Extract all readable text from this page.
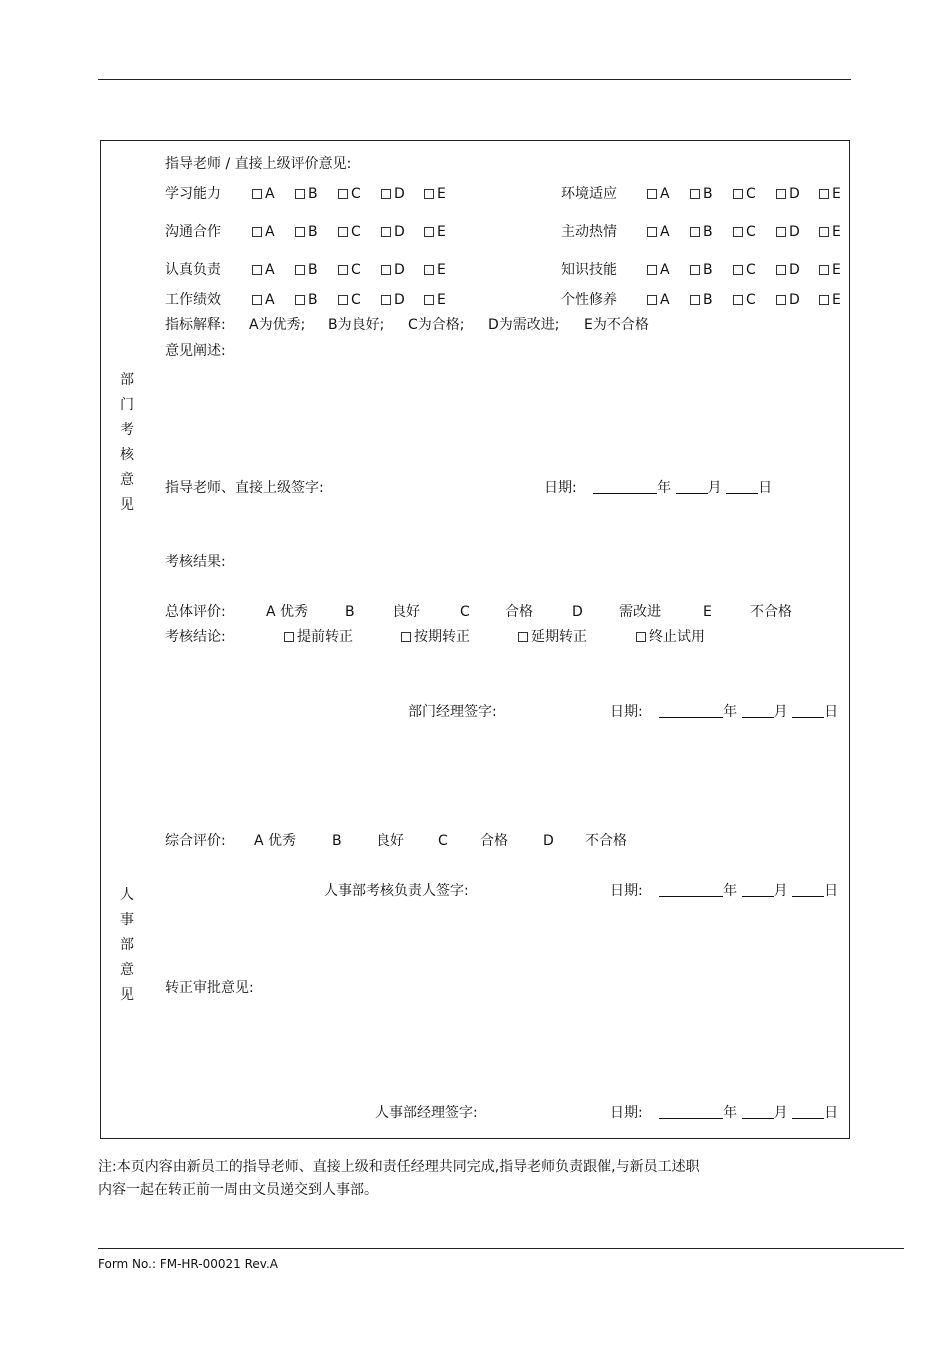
部
门
考
核
意
见
人
事
部
意
见
指导老师 / 直接上级评价意见:
学习能力	A	B	C	D	E	环境适应	A	B	C	D	E
沟通合作	A	B	C	D	E	主动热情	A	B	C	D	E
认真负责	A	B	C	D	E	知识技能	A	B	C	D	E
工作绩效	A	B	C	D	E	个性修养	A	B	C	D	E
指标解释: A为优秀; B为良好; C为合格; D为需改进; E为不合格
意见阐述:
指导老师、直接上级签字:	日期:	年	月	日
考核结果:
总体评价:	A 优秀	B	良好	C	合格	D	需改进	E	不合格
考核结论:	提前转正	按期转正	延期转正	终止试用
部门经理签字:	日期:	年	月	日
综合评价: A 优秀	B 良好 C 合格	D 不合格
人事部考核负责人签字:	日期:	年	月	日
转正审批意见:
人事部经理签字:	日期:	年	月	日
注:本页内容由新员工的指导老师、直接上级和责任经理共同完成,指导老师负责跟催,与新员工述职
内容一起在转正前一周由文员递交到人事部。
Form No.: FM-HR-00021 Rev.A
